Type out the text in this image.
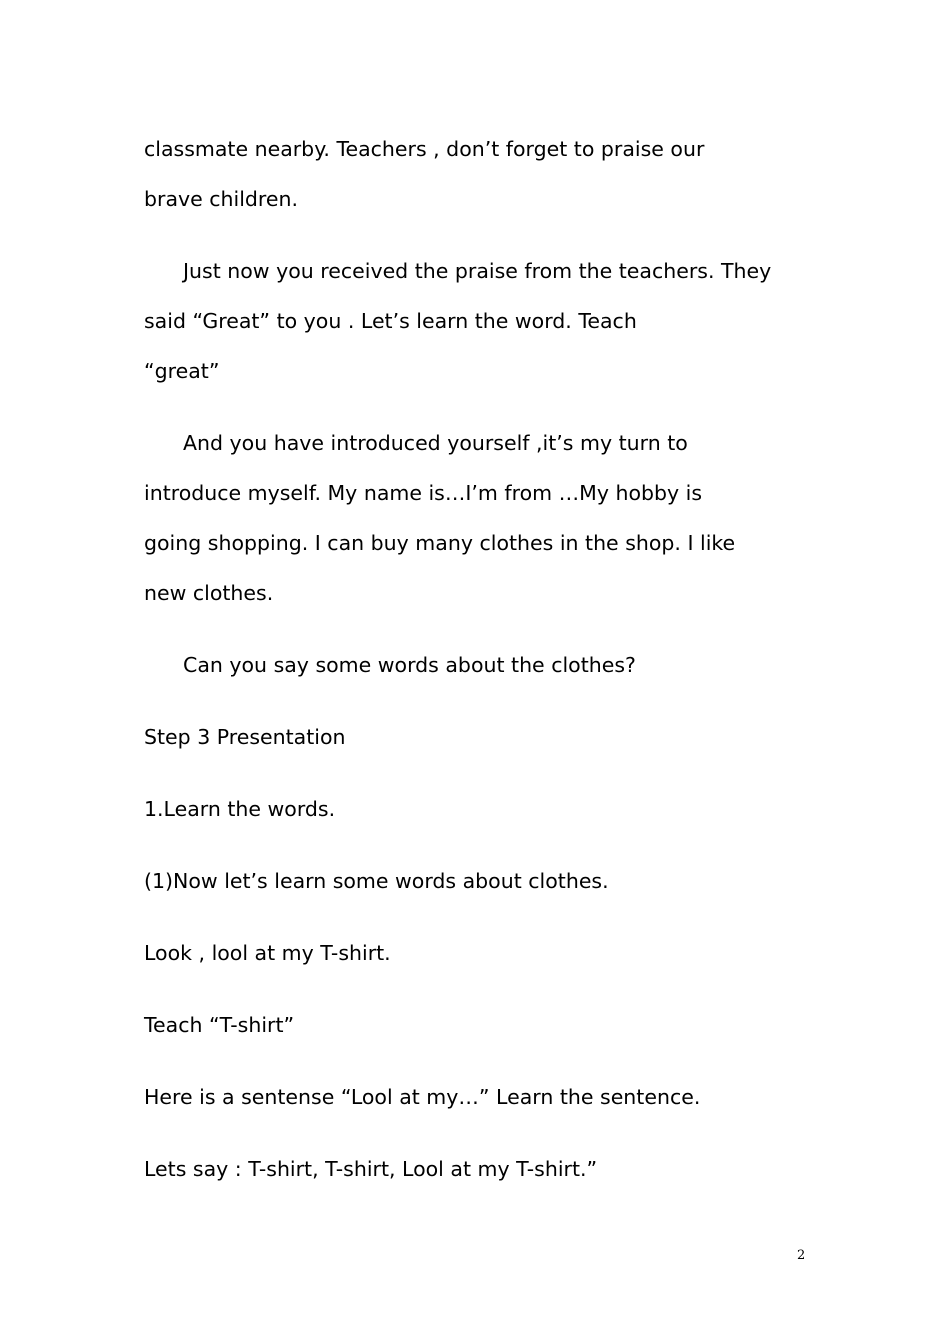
classmate nearby. Teachers , don’t forget to praise our
brave children.
Just now you received the praise from the teachers. They
said “Great” to you . Let’s learn the word. Teach
“great”
And you have introduced yourself ,it’s my turn to
introduce myself. My name is…I’m from …My hobby is
going shopping. I can buy many clothes in the shop. I like
new clothes.
Can you say some words about the clothes?
Step 3 Presentation
1.Learn the words.
(1)Now let’s learn some words about clothes.
Look , lool at my T-shirt.
Teach “T-shirt”
Here is a sentense “Lool at my…” Learn the sentence.
Lets say : T-shirt, T-shirt, Lool at my T-shirt.”
2
